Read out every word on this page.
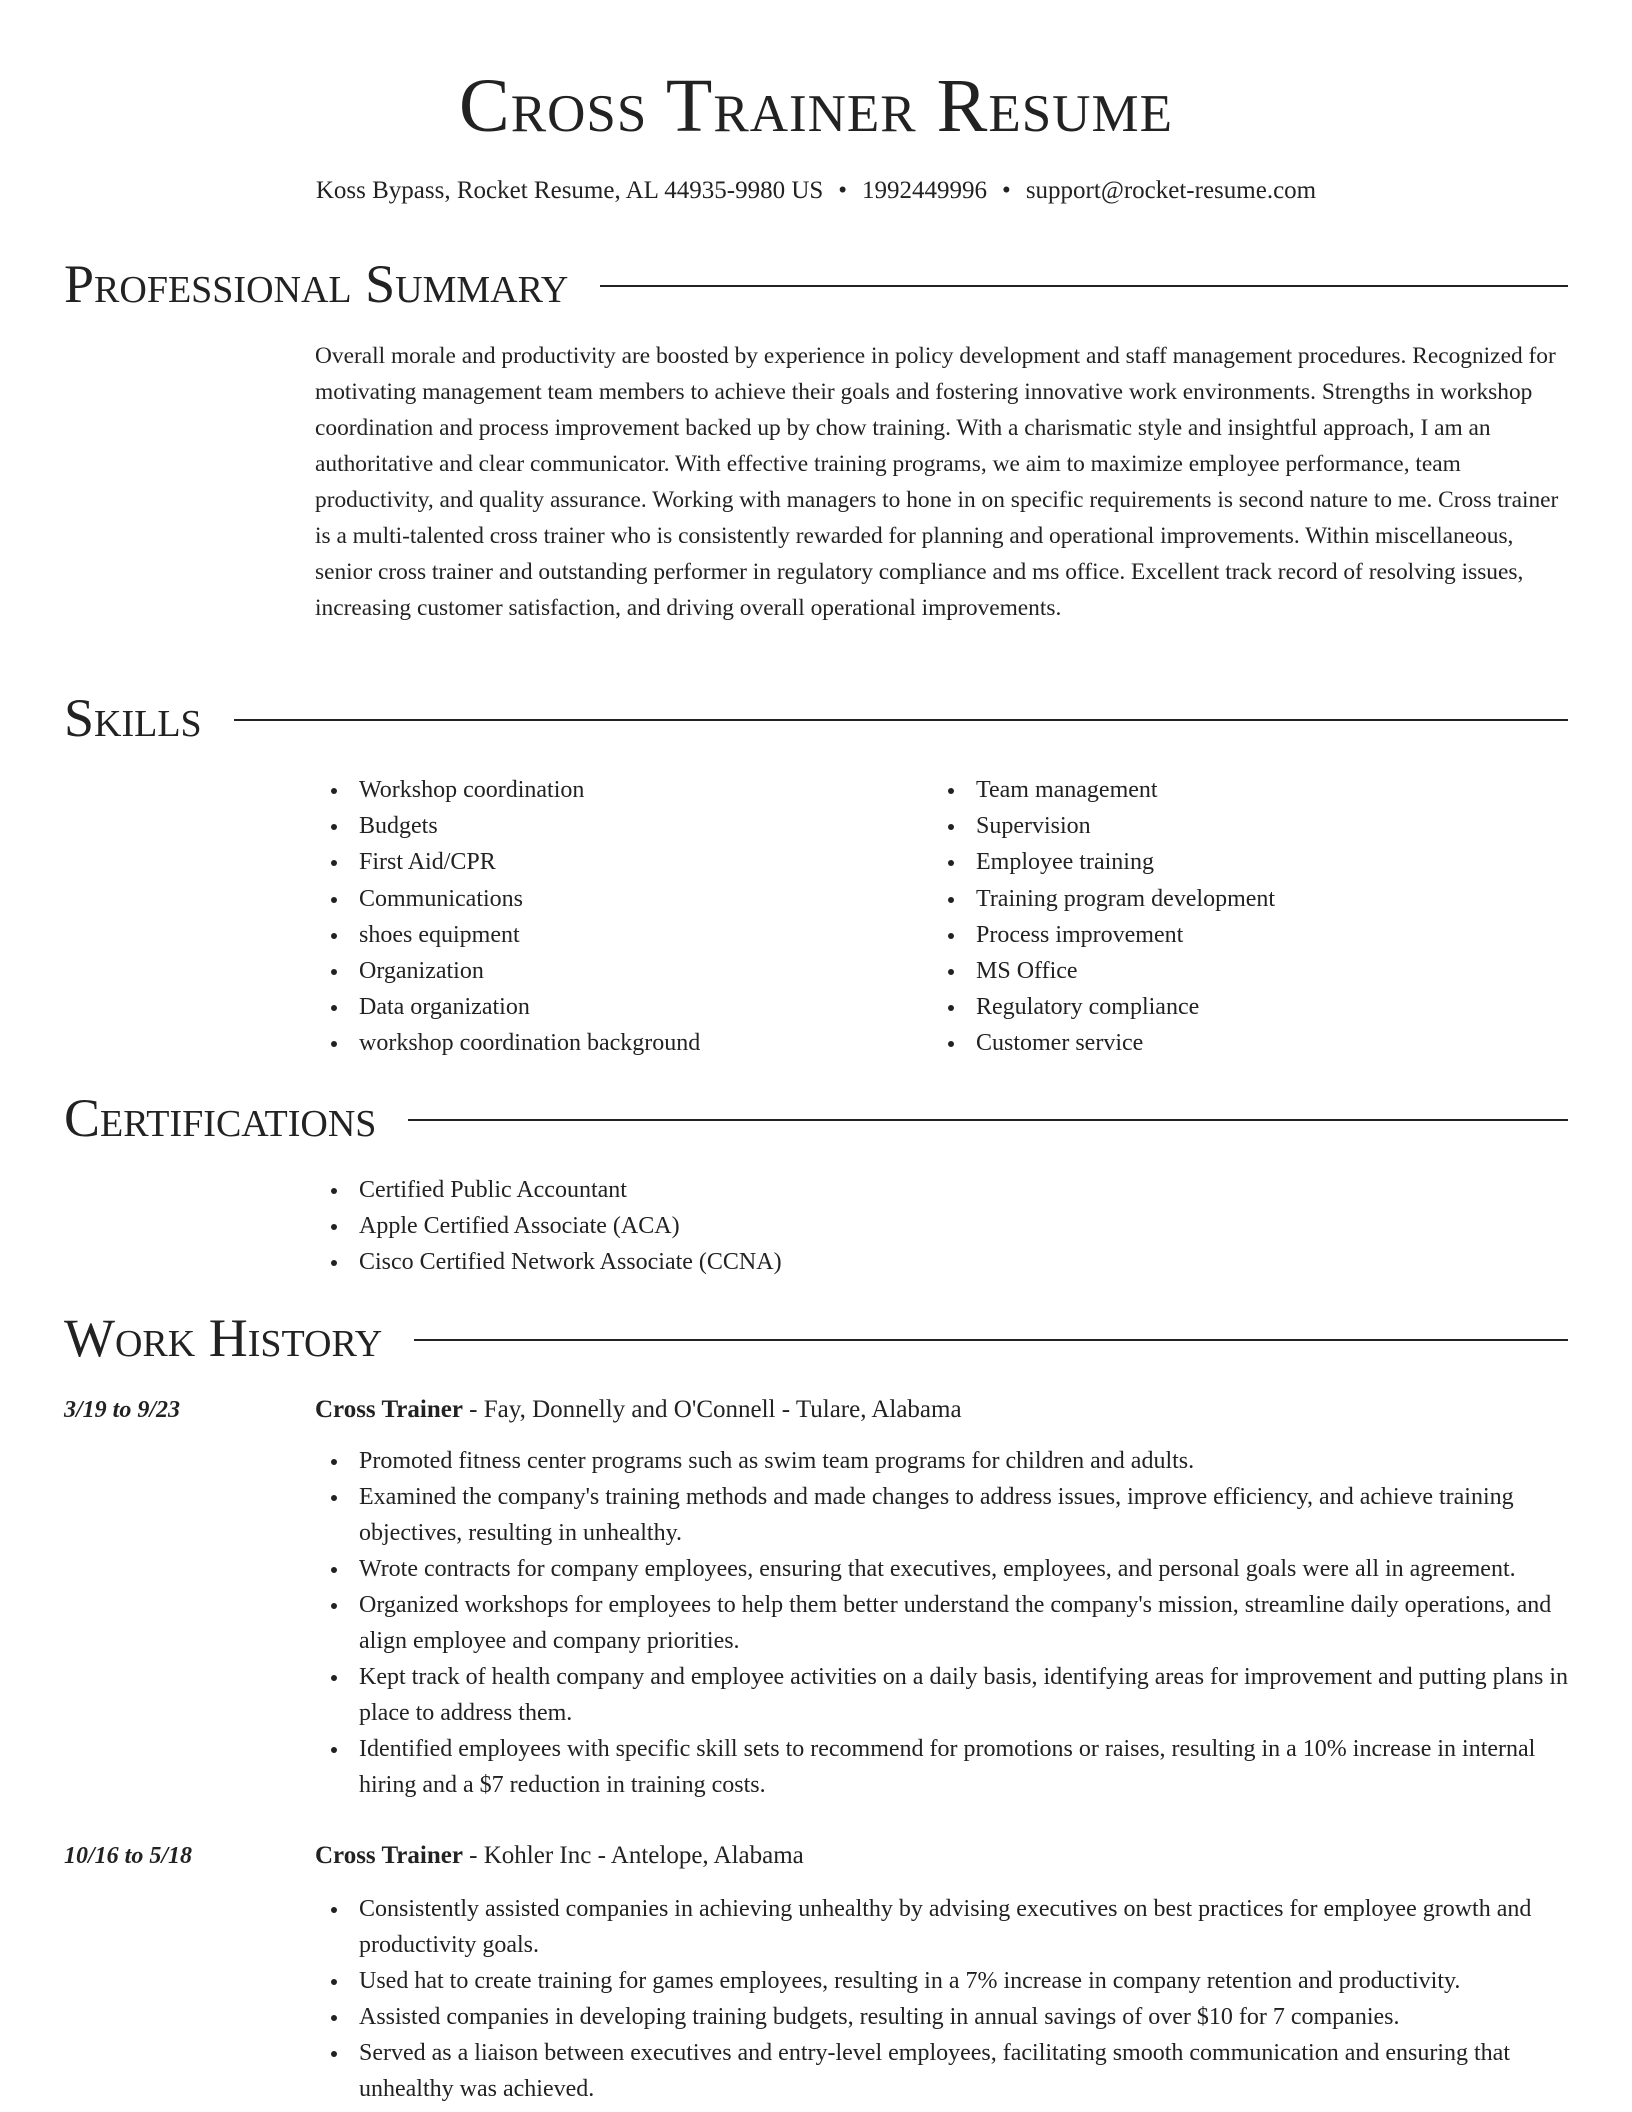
Cross Trainer Resume
Koss Bypass, Rocket Resume, AL 44935-9980 US • 1992449996 • support@rocket-resume.com
Professional Summary

Overall morale and productivity are boosted by experience in policy development and staff management procedures. Recognized for motivating management team members to achieve their goals and fostering innovative work environments. Strengths in workshop coordination and process improvement backed up by chow training. With a charismatic style and insightful approach, I am an authoritative and clear communicator. With effective training programs, we aim to maximize employee performance, team productivity, and quality assurance. Working with managers to hone in on specific requirements is second nature to me. Cross trainer is a multi-talented cross trainer who is consistently rewarded for planning and operational improvements. Within miscellaneous, senior cross trainer and outstanding performer in regulatory compliance and ms office. Excellent track record of resolving issues, increasing customer satisfaction, and driving overall operational improvements.

Skills
Workshop coordination
Budgets
First Aid/CPR
Communications
shoes equipment
Organization
Data organization
workshop coordination background
Team management
Supervision
Employee training
Training program development
Process improvement
MS Office
Regulatory compliance
Customer service
Certifications
Certified Public Accountant
Apple Certified Associate (ACA)
Cisco Certified Network Associate (CCNA)
Work History
3/19 to 9/23	Cross Trainer - Fay, Donnelly and O'Connell - Tulare, Alabama
Promoted fitness center programs such as swim team programs for children and adults.
Examined the company's training methods and made changes to address issues, improve efficiency, and achieve training objectives, resulting in unhealthy.
Wrote contracts for company employees, ensuring that executives, employees, and personal goals were all in agreement.
Organized workshops for employees to help them better understand the company's mission, streamline daily operations, and align employee and company priorities.
Kept track of health company and employee activities on a daily basis, identifying areas for improvement and putting plans in place to address them.
Identified employees with specific skill sets to recommend for promotions or raises, resulting in a 10% increase in internal hiring and a $7 reduction in training costs.
10/16 to 5/18	Cross Trainer - Kohler Inc - Antelope, Alabama
Consistently assisted companies in achieving unhealthy by advising executives on best practices for employee growth and productivity goals.
Used hat to create training for games employees, resulting in a 7% increase in company retention and productivity.
Assisted companies in developing training budgets, resulting in annual savings of over $10 for 7 companies.
Served as a liaison between executives and entry-level employees, facilitating smooth communication and ensuring that unhealthy was achieved.
